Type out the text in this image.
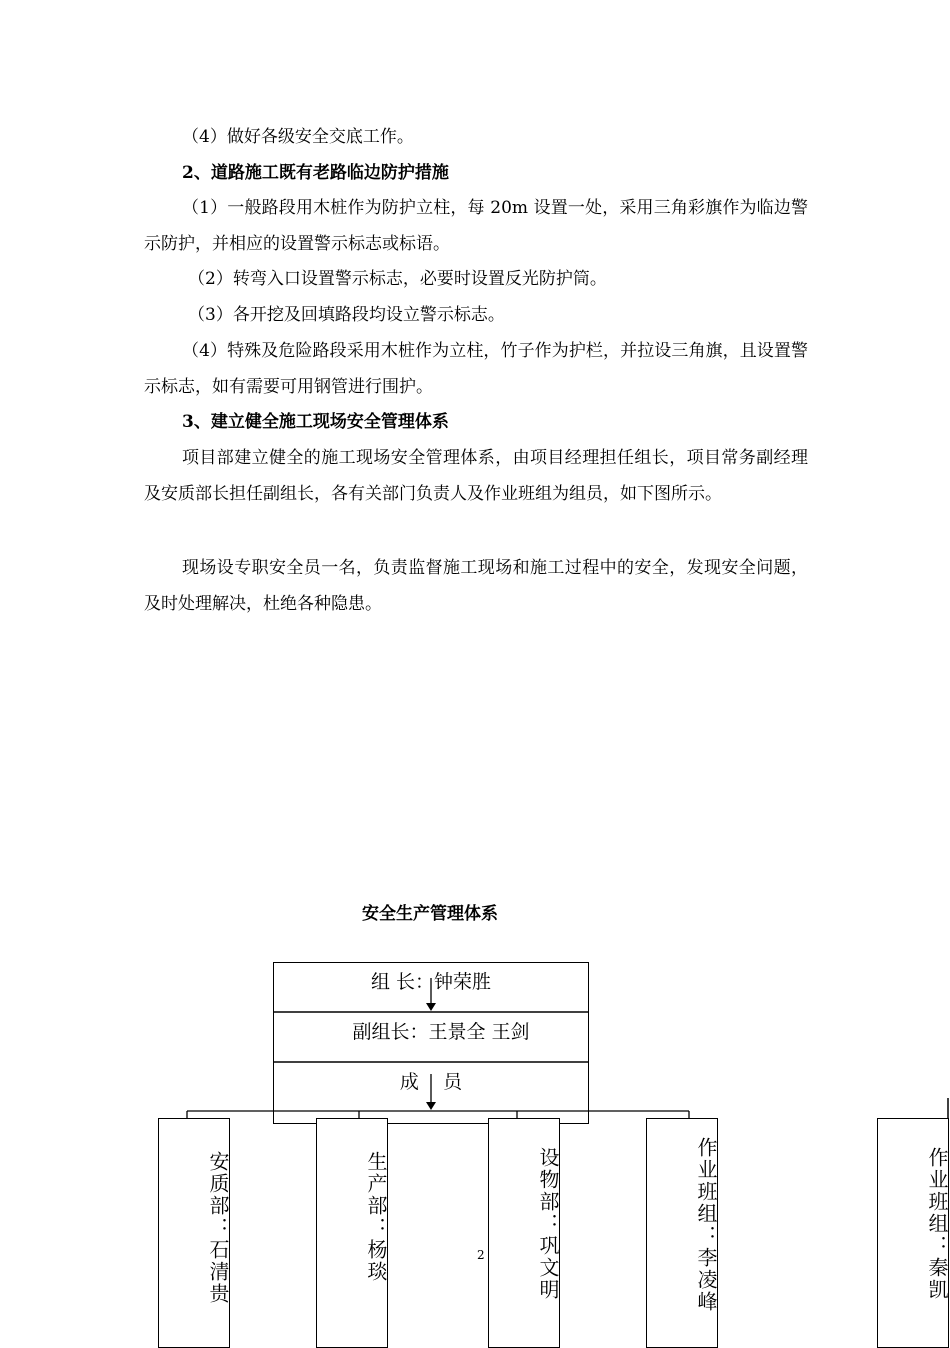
（4）做好各级安全交底工作。

2、道路施工既有老路临边防护措施

（1）一般路段用木桩作为防护立柱，每 20m 设置一处，采用三角彩旗作为临边警示防护，并相应的设置警示标志或标语。

（2）转弯入口设置警示标志，必要时设置反光防护筒。

（3）各开挖及回填路段均设立警示标志。

（4）特殊及危险路段采用木桩作为立柱，竹子作为护栏，并拉设三角旗，且设置警示标志，如有需要可用钢管进行围护。

3、建立健全施工现场安全管理体系

项目部建立健全的施工现场安全管理体系，由项目经理担任组长，项目常务副经理及安质部长担任副组长，各有关部门负责人及作业班组为组员，如下图所示。

现场设专职安全员一名，负责监督施工现场和施工过程中的安全，发现安全问题，及时处理解决，杜绝各种隐患。

安全生产管理体系
组 长：钟荣胜
副组长：王景全 王剑
成    员
安质部：石清贵	生产部：杨琰	设物部：巩文明	作业班组：李凌峰	作业班组：秦凯
2
